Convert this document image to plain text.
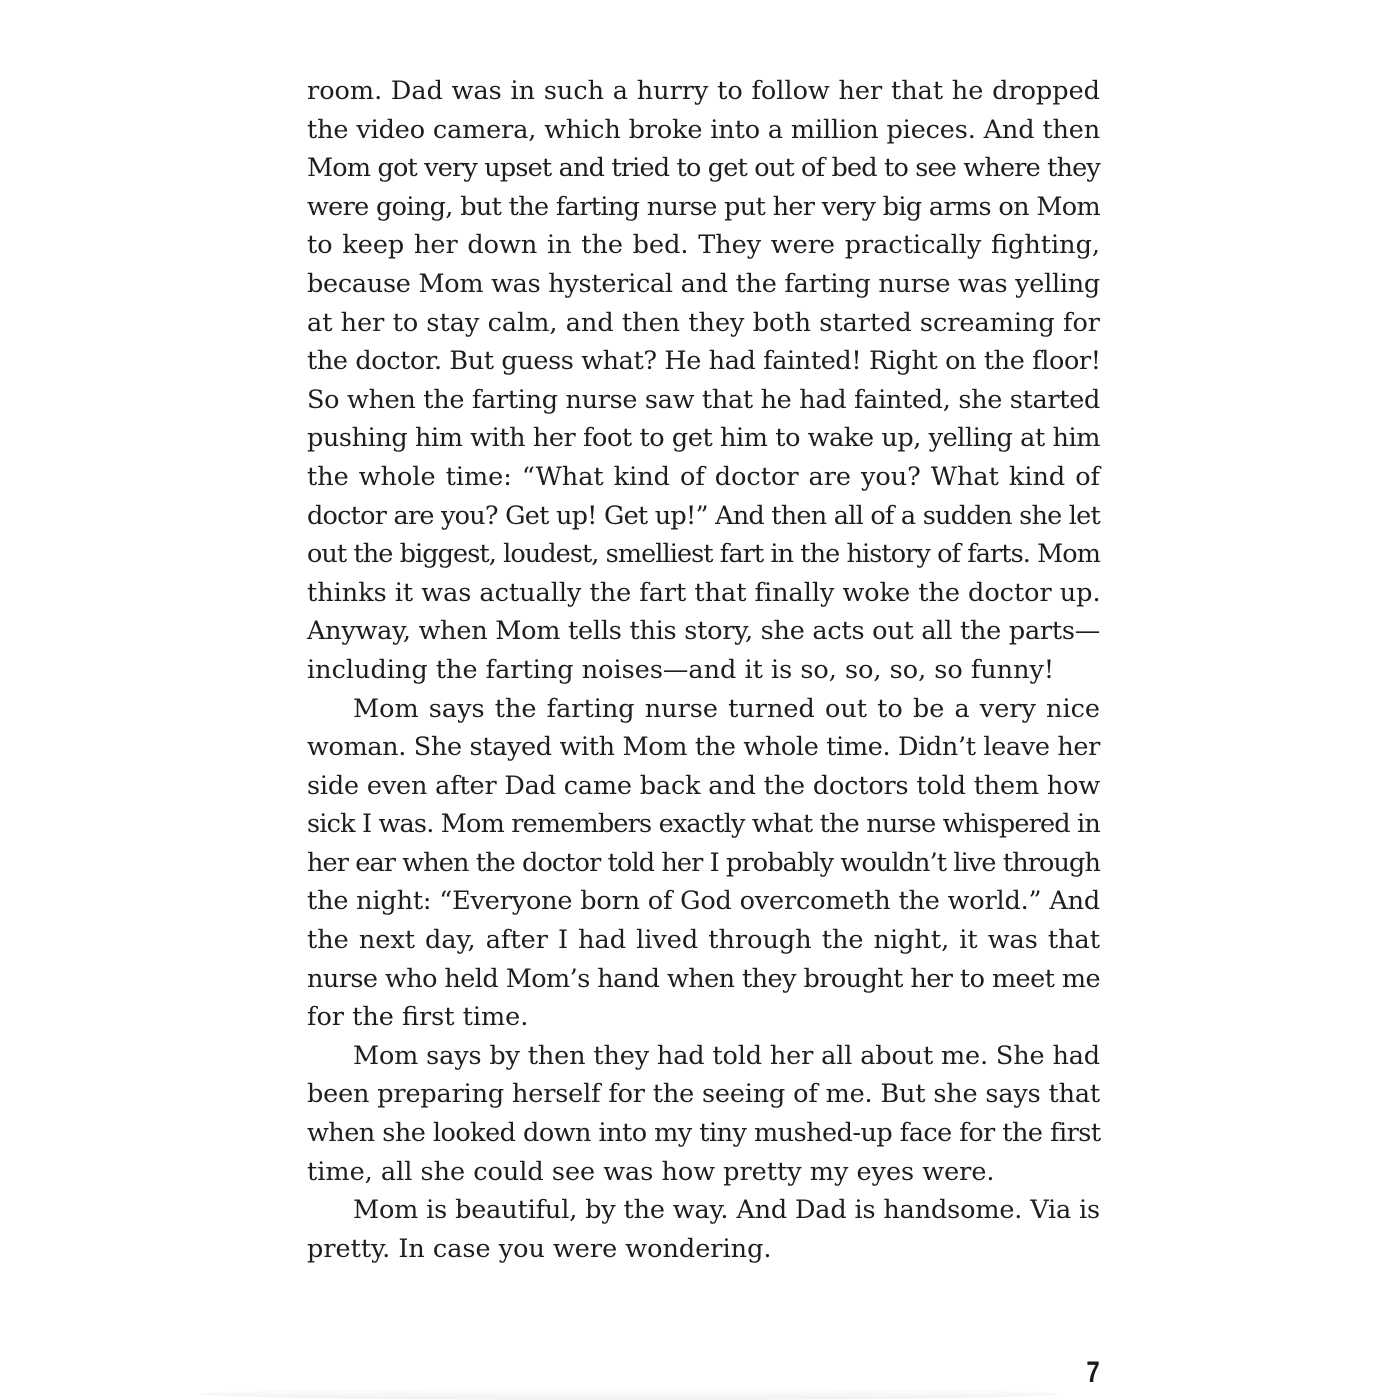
room. Dad was in such a hurry to follow her that he dropped
the video camera, which broke into a million pieces. And then
Mom got very upset and tried to get out of bed to see where they
were going, but the farting nurse put her very big arms on Mom
to keep her down in the bed. They were practically fighting,
because Mom was hysterical and the farting nurse was yelling
at her to stay calm, and then they both started screaming for
the doctor. But guess what? He had fainted! Right on the floor!
So when the farting nurse saw that he had fainted, she started
pushing him with her foot to get him to wake up, yelling at him
the whole time: “What kind of doctor are you? What kind of
doctor are you? Get up! Get up!” And then all of a sudden she let
out the biggest, loudest, smelliest fart in the history of farts. Mom
thinks it was actually the fart that finally woke the doctor up.
Anyway, when Mom tells this story, she acts out all the parts—
including the farting noises—and it is so, so, so, so funny!

Mom says the farting nurse turned out to be a very nice
woman. She stayed with Mom the whole time. Didn’t leave her
side even after Dad came back and the doctors told them how
sick I was. Mom remembers exactly what the nurse whispered in
her ear when the doctor told her I probably wouldn’t live through
the night: “Everyone born of God overcometh the world.” And
the next day, after I had lived through the night, it was that
nurse who held Mom’s hand when they brought her to meet me
for the first time.

Mom says by then they had told her all about me. She had
been preparing herself for the seeing of me. But she says that
when she looked down into my tiny mushed-up face for the first
time, all she could see was how pretty my eyes were.

Mom is beautiful, by the way. And Dad is handsome. Via is
pretty. In case you were wondering.

7
